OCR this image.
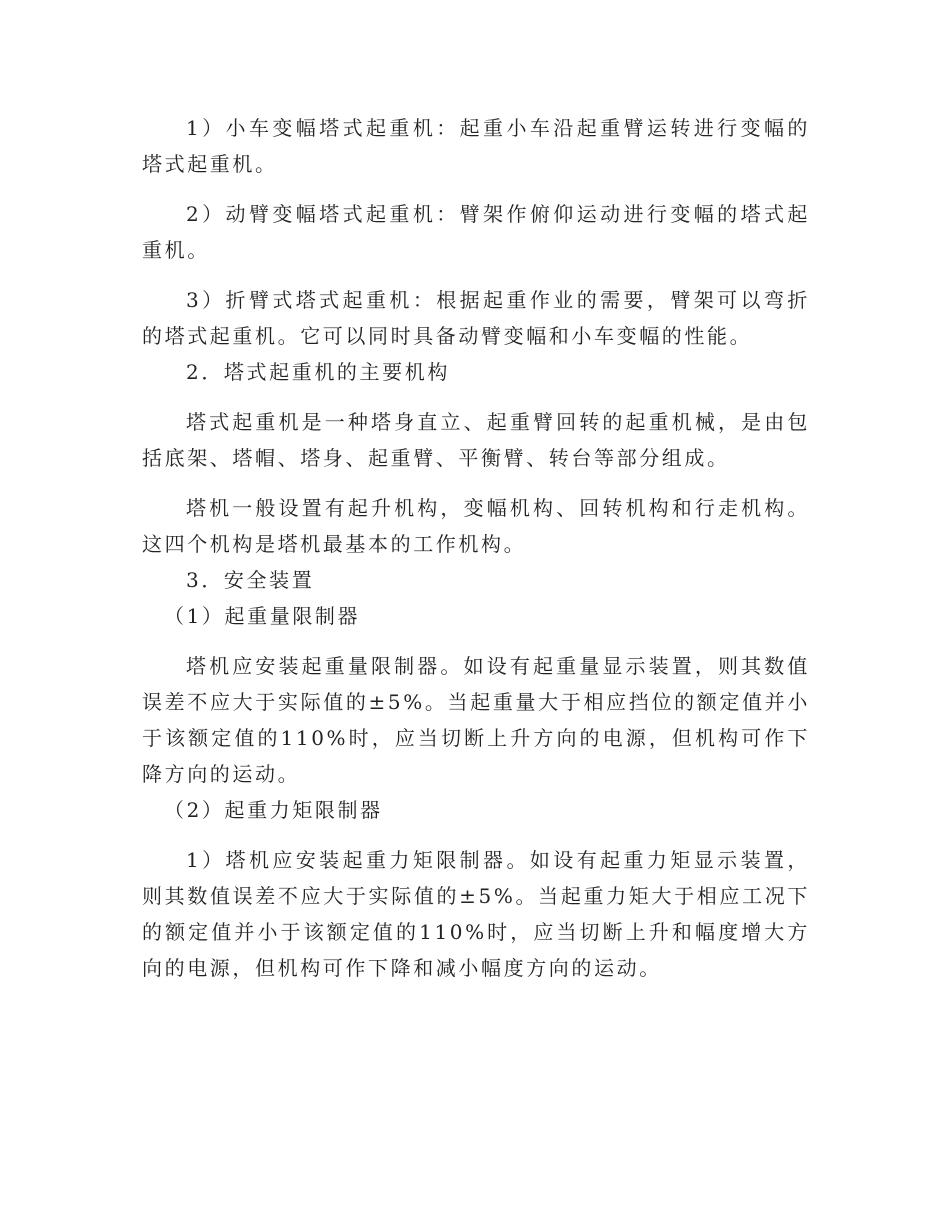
1）小车变幅塔式起重机：起重小车沿起重臂运转进行变幅的塔式起重机。

2）动臂变幅塔式起重机：臂架作俯仰运动进行变幅的塔式起重机。

3）折臂式塔式起重机：根据起重作业的需要，臂架可以弯折的塔式起重机。它可以同时具备动臂变幅和小车变幅的性能。

2．塔式起重机的主要机构

塔式起重机是一种塔身直立、起重臂回转的起重机械，是由包括底架、塔帽、塔身、起重臂、平衡臂、转台等部分组成。

塔机一般设置有起升机构，变幅机构、回转机构和行走机构。这四个机构是塔机最基本的工作机构。

3．安全装置

（1）起重量限制器

塔机应安装起重量限制器。如设有起重量显示装置，则其数值误差不应大于实际值的±5%。当起重量大于相应挡位的额定值并小于该额定值的110%时，应当切断上升方向的电源，但机构可作下降方向的运动。

（2）起重力矩限制器

1）塔机应安装起重力矩限制器。如设有起重力矩显示装置，则其数值误差不应大于实际值的±5%。当起重力矩大于相应工况下的额定值并小于该额定值的110%时，应当切断上升和幅度增大方向的电源，但机构可作下降和减小幅度方向的运动。
